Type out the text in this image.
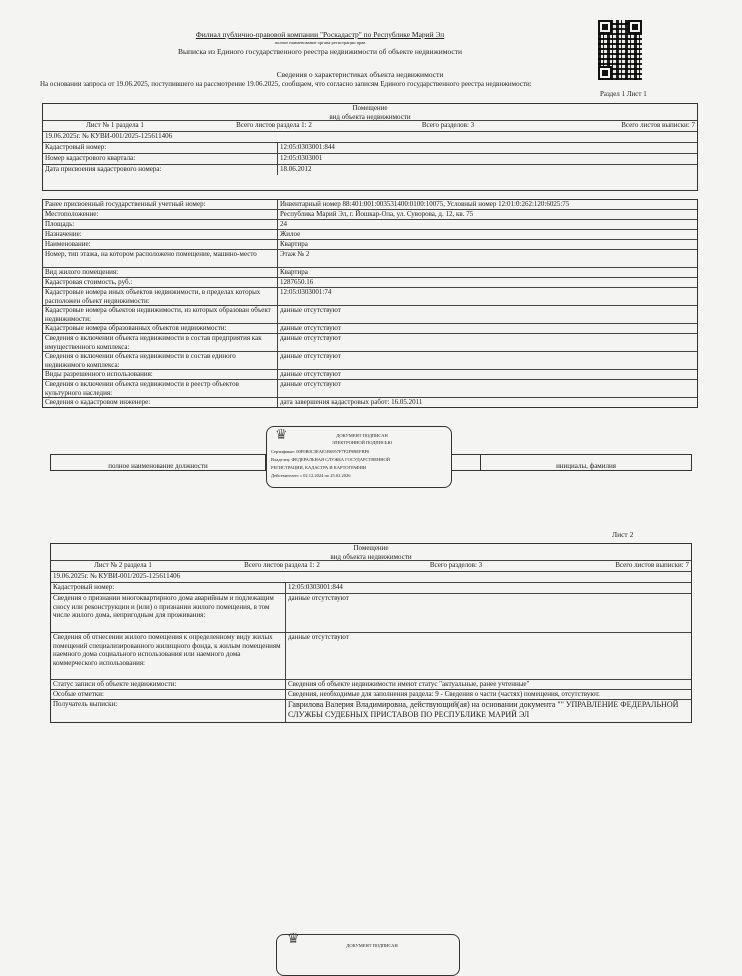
Филиал публично-правовой компании "Роскадастр" по Республике Марий Эл
полное наименование органа регистрации прав
Выписка из Единого государственного реестра недвижимости об объекте недвижимости
Сведения о характеристиках объекта недвижимости
На основании запроса от 19.06.2025, поступившего на рассмотрение 19.06.2025, сообщаем, что согласно записям Единого государственного реестра недвижимости:
Раздел 1 Лист 1
Помещение
вид объекта недвижимости
Лист № 1 раздела 1	Всего листов раздела 1: 2	Всего разделов: 3	Всего листов выписки: 7
19.06.2025г. № КУВИ-001/2025-125611406
Кадастровый номер:	12:05:0303001:844
Номер кадастрового квартала:	12:05:0303001
Дата присвоения кадастрового номера:	18.06.2012
Ранее присвоенный государственный учетный номер:	Инвентарный номер 88:401:001:003531400:0100:10075, Условный номер 12:01:0:262:120:6025:75
Местоположение:	Республика Марий Эл, г. Йошкар-Ола, ул. Суворова, д. 12, кв. 75
Площадь:	24
Назначение:	Жилое
Наименование:	Квартира
Номер, тип этажа, на котором расположено помещение, машино-место	Этаж № 2
Вид жилого помещения:	Квартира
Кадастровая стоимость, руб.:	1287650.16
Кадастровые номера иных объектов недвижимости, в пределах которых расположен объект недвижимости:
12:05:0303001:74
Кадастровые номера объектов недвижимости, из которых образован объект недвижимости:
данные отсутствуют
Кадастровые номера образованных объектов недвижимости:	данные отсутствуют
Сведения о включении объекта недвижимости в состав предприятия как имущественного комплекса:
данные отсутствуют
Сведения о включении объекта недвижимости в состав единого недвижимого комплекса:
данные отсутствуют
Виды разрешенного использования:	данные отсутствуют
Сведения о включении объекта недвижимости в реестр объектов культурного наследия:
данные отсутствуют
Сведения о кадастровом инженере:	дата завершения кадастровых работ: 16.05.2011
полное наименование должности	инициалы, фамилия
♛	ДОКУМЕНТ ПОДПИСАН
ЭЛЕКТРОННОЙ ПОДПИСЬЮ
Сертификат: 00F0B0C3EAE1B6957F7F2F9BEFBF0
Владелец: ФЕДЕРАЛЬНАЯ СЛУЖБА ГОСУДАРСТВЕННОЙ
РЕГИСТРАЦИИ, КАДАСТРА И КАРТОГРАФИИ
Действителен: с 02.12.2024 по 25.02.2026
Лист 2
Помещение
вид объекта недвижимости
Лист № 2 раздела 1	Всего листов раздела 1: 2	Всего разделов: 3	Всего листов выписки: 7
19.06.2025г. № КУВИ-001/2025-125611406
Кадастровый номер:	12:05:0303001:844
Сведения о признании многоквартирного дома аварийным и подлежащим сносу или реконструкции и (или) о признании жилого помещения, в том числе жилого дома, непригодным для проживания:
данные отсутствуют
Сведения об отнесении жилого помещения к определенному виду жилых помещений специализированного жилищного фонда, к жилым помещениям наемного дома социального использования или наемного дома коммерческого использования:
данные отсутствуют
Статус записи об объекте недвижимости:	Сведения об объекте недвижимости имеют статус "актуальные, ранее учтенные"
Особые отметки:	Сведения, необходимые для заполнения раздела: 9 - Сведения о части (частях) помещения, отсутствуют.
Получатель выписки:	Гаврилова Валерия Владимировна, действующий(ая) на основании документа "" УПРАВЛЕНИЕ ФЕДЕРАЛЬНОЙ СЛУЖБЫ СУДЕБНЫХ ПРИСТАВОВ ПО РЕСПУБЛИКЕ МАРИЙ ЭЛ
♛	ДОКУМЕНТ ПОДПИСАН
